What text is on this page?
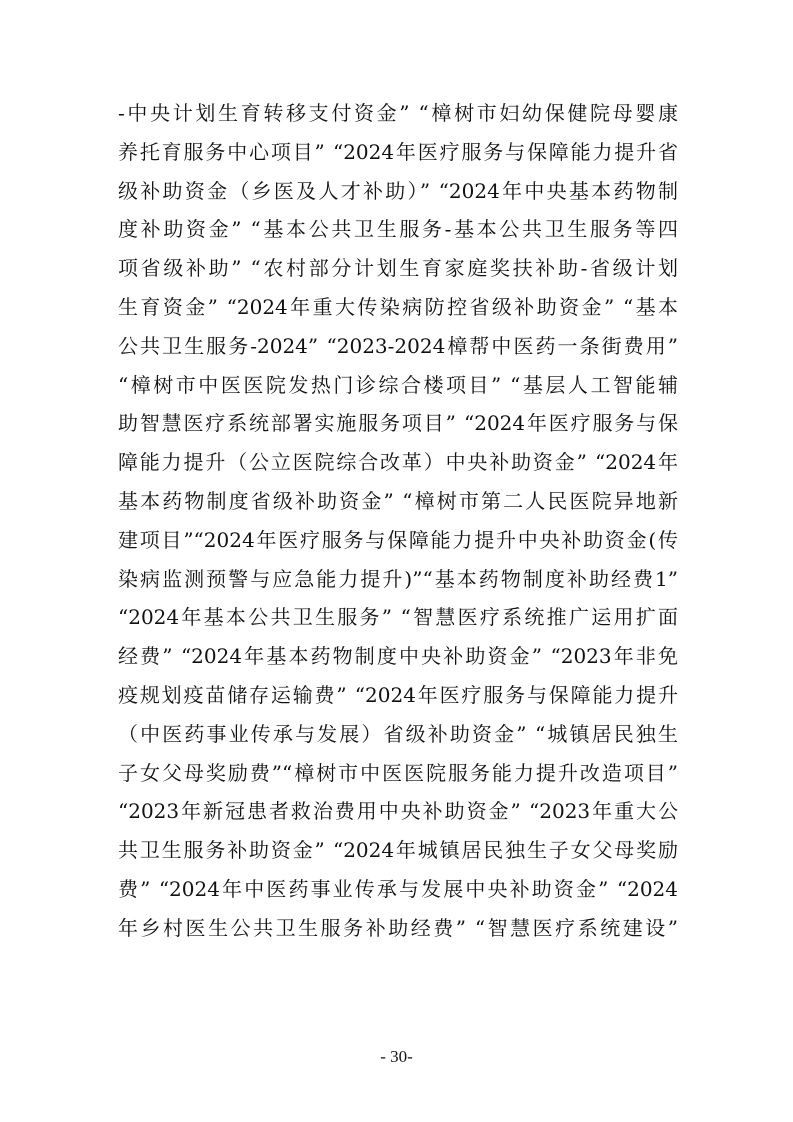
-中央计划生育转移支付资金” “樟树市妇幼保健院母婴康
养托育服务中心项目” “2024年医疗服务与保障能力提升省
级补助资金（乡医及人才补助）” “2024年中央基本药物制
度补助资金” “基本公共卫生服务-基本公共卫生服务等四
项省级补助” “农村部分计划生育家庭奖扶补助-省级计划
生育资金” “2024年重大传染病防控省级补助资金” “基本
公共卫生服务-2024” “2023-2024樟帮中医药一条街费用”
“樟树市中医医院发热门诊综合楼项目” “基层人工智能辅
助智慧医疗系统部署实施服务项目” “2024年医疗服务与保
障能力提升（公立医院综合改革）中央补助资金” “2024年
基本药物制度省级补助资金” “樟树市第二人民医院异地新
建项目”“2024年医疗服务与保障能力提升中央补助资金(传
染病监测预警与应急能力提升)”“基本药物制度补助经费1”
“2024年基本公共卫生服务” “智慧医疗系统推广运用扩面
经费” “2024年基本药物制度中央补助资金” “2023年非免
疫规划疫苗储存运输费” “2024年医疗服务与保障能力提升
（中医药事业传承与发展）省级补助资金” “城镇居民独生
子女父母奖励费”“樟树市中医医院服务能力提升改造项目”
“2023年新冠患者救治费用中央补助资金” “2023年重大公
共卫生服务补助资金” “2024年城镇居民独生子女父母奖励
费” “2024年中医药事业传承与发展中央补助资金” “2024
年乡村医生公共卫生服务补助经费” “智慧医疗系统建设”

- 30-
